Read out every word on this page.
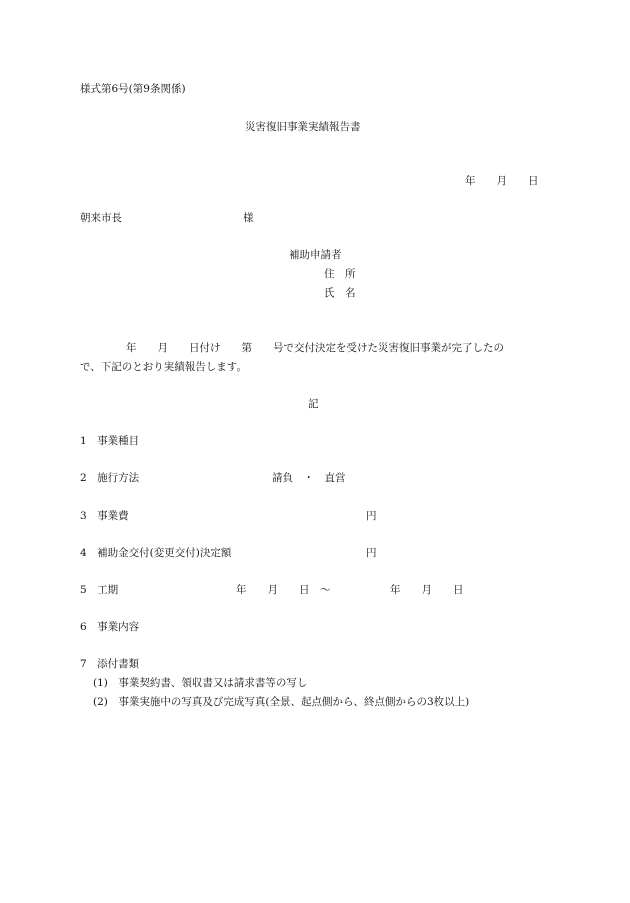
様式第6号(第9条関係)
災害復旧事業実績報告書
年　　月　　日
朝来市長	様
補助申請者
住　所
氏　名
年　　月　　日付け　　第　　号で交付決定を受けた災害復旧事業が完了したの
で、下記のとおり実績報告します。
記
1　事業種目
2　施行方法	請負　・　直営
3　事業費	円
4　補助金交付(変更交付)決定額	円
5　工期	年　　月　　日　～	年　　月　　日
6　事業内容
7　添付書類
(1)　事業契約書、領収書又は請求書等の写し
(2)　事業実施中の写真及び完成写真(全景、起点側から、終点側からの3枚以上)
